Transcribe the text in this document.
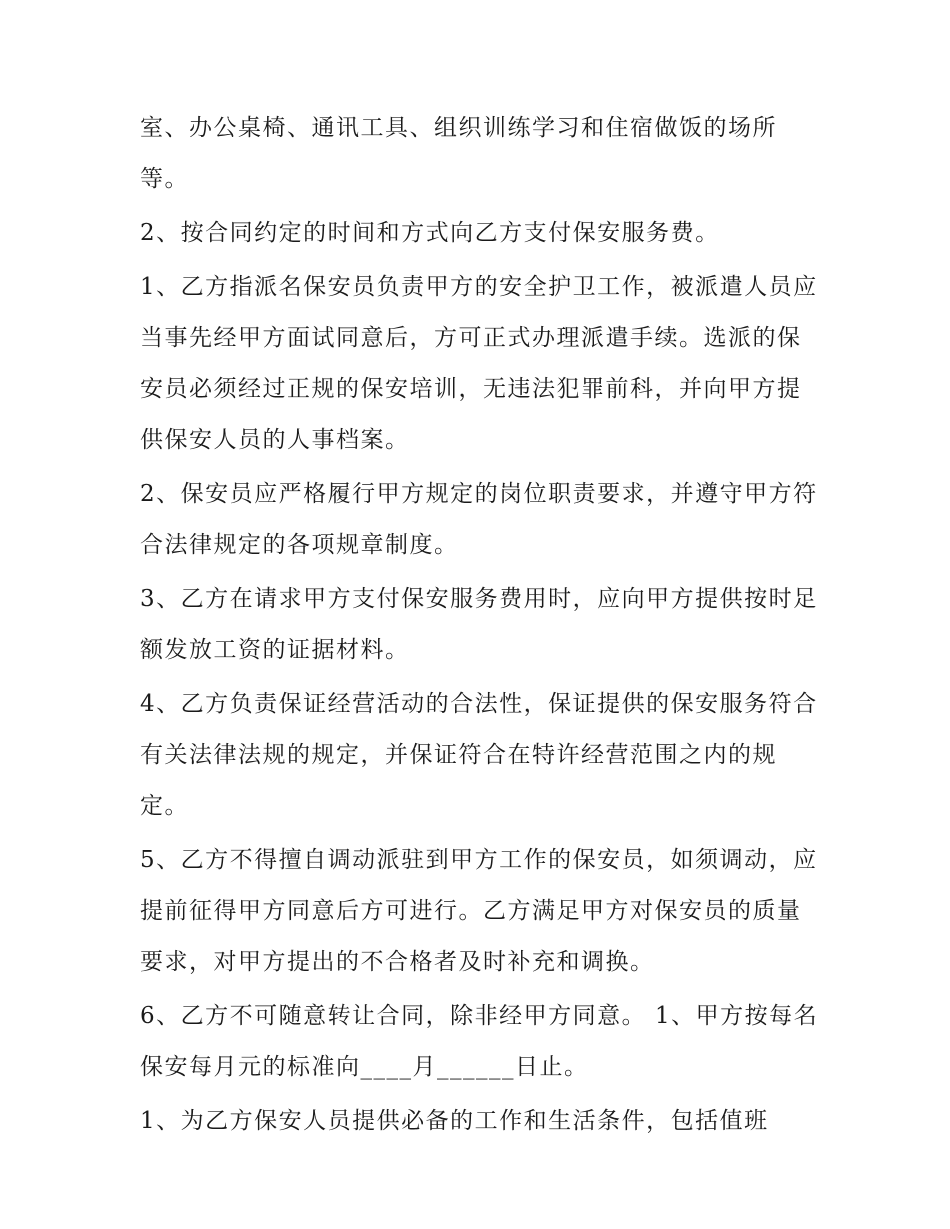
室、办公桌椅、通讯工具、组织训练学习和住宿做饭的场所等。

2、按合同约定的时间和方式向乙方支付保安服务费。

1、乙方指派名保安员负责甲方的安全护卫工作，被派遣人员应当事先经甲方面试同意后，方可正式办理派遣手续。选派的保安员必须经过正规的保安培训，无违法犯罪前科，并向甲方提供保安人员的人事档案。

2、保安员应严格履行甲方规定的岗位职责要求，并遵守甲方符合法律规定的各项规章制度。

3、乙方在请求甲方支付保安服务费用时，应向甲方提供按时足额发放工资的证据材料。

4、乙方负责保证经营活动的合法性，保证提供的保安服务符合有关法律法规的规定，并保证符合在特许经营范围之内的规定。

5、乙方不得擅自调动派驻到甲方工作的保安员，如须调动，应提前征得甲方同意后方可进行。乙方满足甲方对保安员的质量要求，对甲方提出的不合格者及时补充和调换。

6、乙方不可随意转让合同，除非经甲方同意。 1、甲方按每名保安每月元的标准向____月______日止。

1、为乙方保安人员提供必备的工作和生活条件，包括值班
